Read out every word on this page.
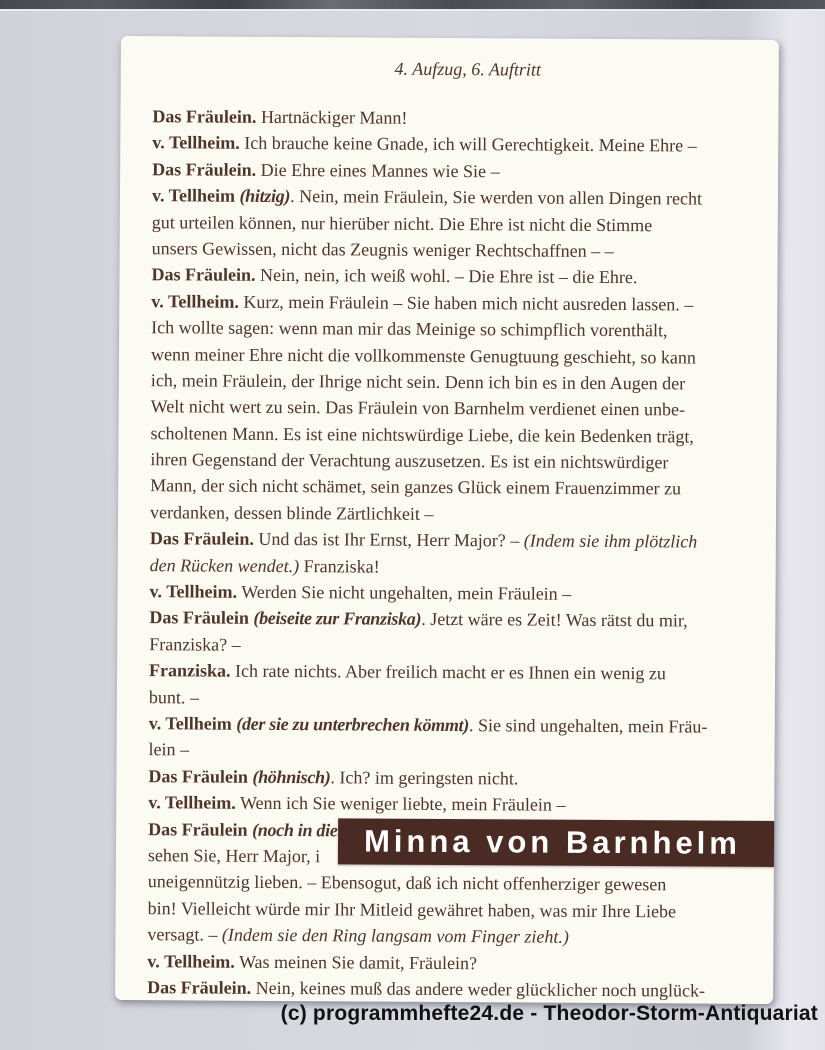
4. Aufzug, 6. Auftritt
Das Fräulein. Hartnäckiger Mann!
v. Tellheim. Ich brauche keine Gnade, ich will Gerechtigkeit. Meine Ehre –
Das Fräulein. Die Ehre eines Mannes wie Sie –
v. Tellheim (hitzig). Nein, mein Fräulein, Sie werden von allen Dingen recht
gut urteilen können, nur hierüber nicht. Die Ehre ist nicht die Stimme
unsers Gewissen, nicht das Zeugnis weniger Rechtschaffnen – –
Das Fräulein. Nein, nein, ich weiß wohl. – Die Ehre ist – die Ehre.
v. Tellheim. Kurz, mein Fräulein – Sie haben mich nicht ausreden lassen. –
Ich wollte sagen: wenn man mir das Meinige so schimpflich vorenthält,
wenn meiner Ehre nicht die vollkommenste Genugtuung geschieht, so kann
ich, mein Fräulein, der Ihrige nicht sein. Denn ich bin es in den Augen der
Welt nicht wert zu sein. Das Fräulein von Barnhelm verdienet einen unbe-
scholtenen Mann. Es ist eine nichtswürdige Liebe, die kein Bedenken trägt,
ihren Gegenstand der Verachtung auszusetzen. Es ist ein nichtswürdiger
Mann, der sich nicht schämet, sein ganzes Glück einem Frauenzimmer zu
verdanken, dessen blinde Zärtlichkeit –
Das Fräulein. Und das ist Ihr Ernst, Herr Major? – (Indem sie ihm plötzlich
den Rücken wendet.) Franziska!
v. Tellheim. Werden Sie nicht ungehalten, mein Fräulein –
Das Fräulein (beiseite zur Franziska). Jetzt wäre es Zeit! Was rätst du mir,
Franziska? –
Franziska. Ich rate nichts. Aber freilich macht er es Ihnen ein wenig zu
bunt. –
v. Tellheim (der sie zu unterbrechen kömmt). Sie sind ungehalten, mein Fräu-
lein –
Das Fräulein (höhnisch). Ich? im geringsten nicht.
v. Tellheim. Wenn ich Sie weniger liebte, mein Fräulein –
Das Fräulein (noch in die
sehen Sie, Herr Major, i
uneigennützig lieben. – Ebensogut, daß ich nicht offenherziger gewesen
bin! Vielleicht würde mir Ihr Mitleid gewähret haben, was mir Ihre Liebe
versagt. – (Indem sie den Ring langsam vom Finger zieht.)
v. Tellheim. Was meinen Sie damit, Fräulein?
Das Fräulein. Nein, keines muß das andere weder glücklicher noch unglück-
Minna von Barnhelm
(c) programmhefte24.de - Theodor-Storm-Antiquariat
